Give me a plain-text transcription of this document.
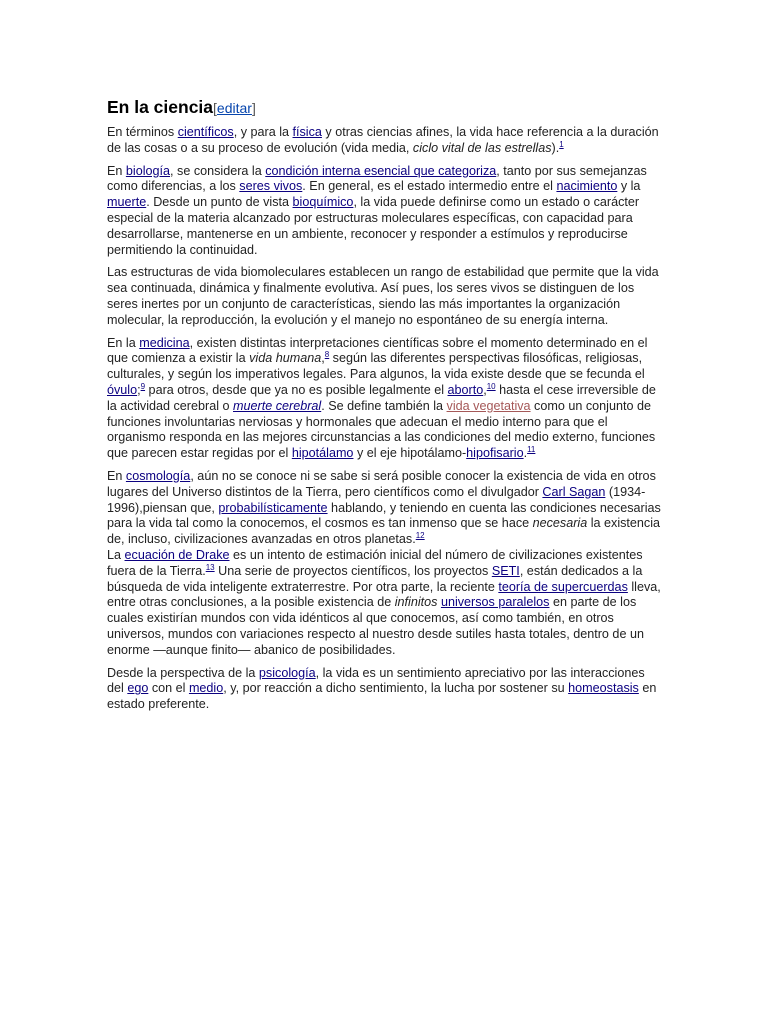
En la ciencia[editar]

En términos científicos, y para la física y otras ciencias afines, la vida hace referencia a la duración de las cosas o a su proceso de evolución (vida media, ciclo vital de las estrellas).$^1$

En biología, se considera la condición interna esencial que categoriza, tanto por sus semejanzas como diferencias, a los seres vivos. En general, es el estado intermedio entre el nacimiento y la muerte. Desde un punto de vista bioquímico, la vida puede definirse como un estado o carácter especial de la materia alcanzado por estructuras moleculares específicas, con capacidad para desarrollarse, mantenerse en un ambiente, reconocer y responder a estímulos y reproducirse permitiendo la continuidad.

Las estructuras de vida biomoleculares establecen un rango de estabilidad que permite que la vida sea continuada, dinámica y finalmente evolutiva. Así pues, los seres vivos se distinguen de los seres inertes por un conjunto de características, siendo las más importantes la organización molecular, la reproducción, la evolución y el manejo no espontáneo de su energía interna.

En la medicina, existen distintas interpretaciones científicas sobre el momento determinado en el que comienza a existir la vida humana,$^8$ según las diferentes perspectivas filosóficas, religiosas, culturales, y según los imperativos legales. Para algunos, la vida existe desde que se fecunda el óvulo;$^9$ para otros, desde que ya no es posible legalmente el aborto,$^{10}$ hasta el cese irreversible de la actividad cerebral o muerte cerebral. Se define también la vida vegetativa como un conjunto de funciones involuntarias nerviosas y hormonales que adecuan el medio interno para que el organismo responda en las mejores circunstancias a las condiciones del medio externo, funciones que parecen estar regidas por el hipotálamo y el eje hipotálamo-hipofisario.$^{11}$

En cosmología, aún no se conoce ni se sabe si será posible conocer la existencia de vida en otros lugares del Universo distintos de la Tierra, pero científicos como el divulgador Carl Sagan (1934-1996),piensan que, probabilísticamente hablando, y teniendo en cuenta las condiciones necesarias para la vida tal como la conocemos, el cosmos es tan inmenso que se hace necesaria la existencia de, incluso, civilizaciones avanzadas en otros planetas.$^{12}$
La ecuación de Drake es un intento de estimación inicial del número de civilizaciones existentes fuera de la Tierra.$^{13}$ Una serie de proyectos científicos, los proyectos SETI, están dedicados a la búsqueda de vida inteligente extraterrestre. Por otra parte, la reciente teoría de supercuerdas lleva, entre otras conclusiones, a la posible existencia de infinitos universos paralelos en parte de los cuales existirían mundos con vida idénticos al que conocemos, así como también, en otros universos, mundos con variaciones respecto al nuestro desde sutiles hasta totales, dentro de un enorme —aunque finito— abanico de posibilidades.

Desde la perspectiva de la psicología, la vida es un sentimiento apreciativo por las interacciones del ego con el medio, y, por reacción a dicho sentimiento, la lucha por sostener su homeostasis en estado preferente.
